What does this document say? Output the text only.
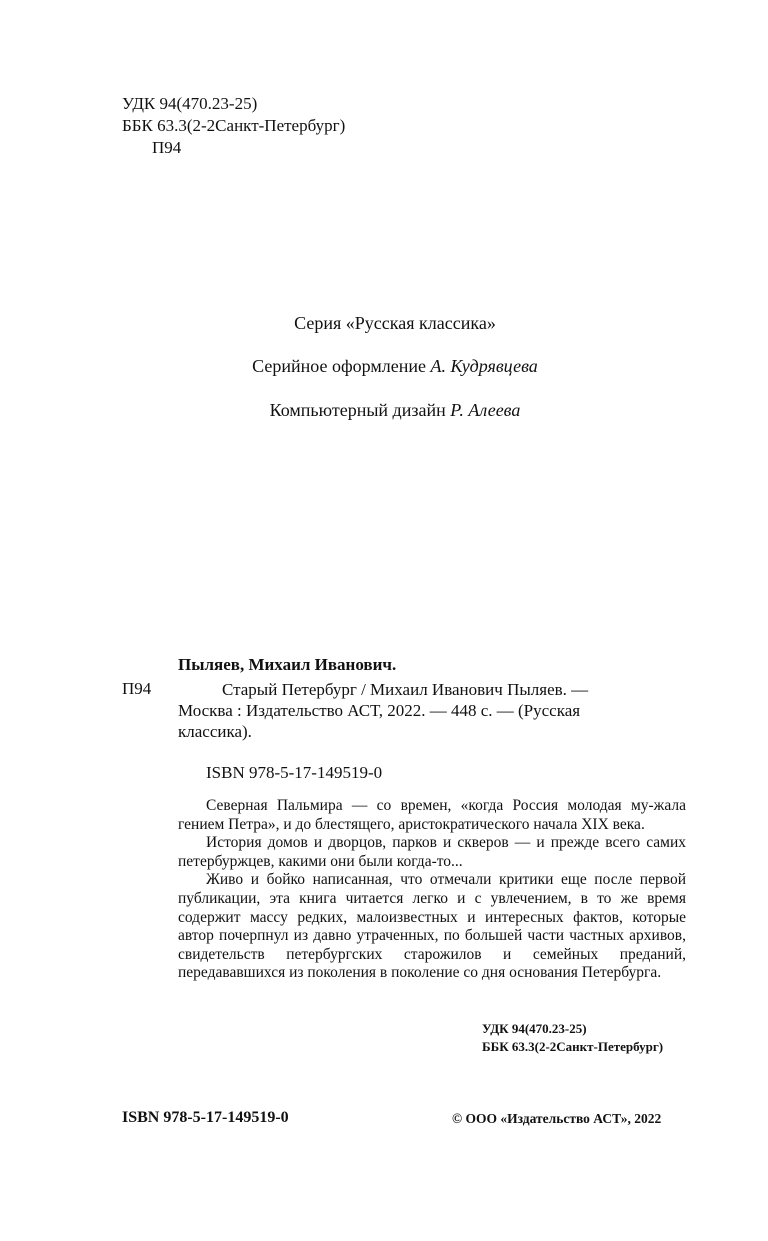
УДК 94(470.23-25)
ББК 63.3(2-2Санкт-Петербург)
П94
Серия «Русская классика»
Серийное оформление А. Кудрявцева
Компьютерный дизайн Р. Алеева
Пыляев, Михаил Иванович.
П94	Старый Петербург / Михаил Иванович Пыляев. —
Москва : Издательство АСТ, 2022. — 448 с. — (Русская
классика).
ISBN 978-5-17-149519-0

Северная Пальмира — со времен, «когда Россия молодая му-жала гением Петра», и до блестящего, аристократического начала XIX века.

История домов и дворцов, парков и скверов — и прежде всего самих петербуржцев, какими они были когда-то...

Живо и бойко написанная, что отмечали критики еще после первой публикации, эта книга читается легко и с увлечением, в то же время содержит массу редких, малоизвестных и интересных фактов, которые автор почерпнул из давно утраченных, по большей части частных архивов, свидетельств петербургских старожилов и семейных преданий, передававшихся из поколения в поколение со дня основания Петербурга.

УДК 94(470.23-25)
ББК 63.3(2-2Санкт-Петербург)
ISBN 978-5-17-149519-0	© ООО «Издательство АСТ», 2022
